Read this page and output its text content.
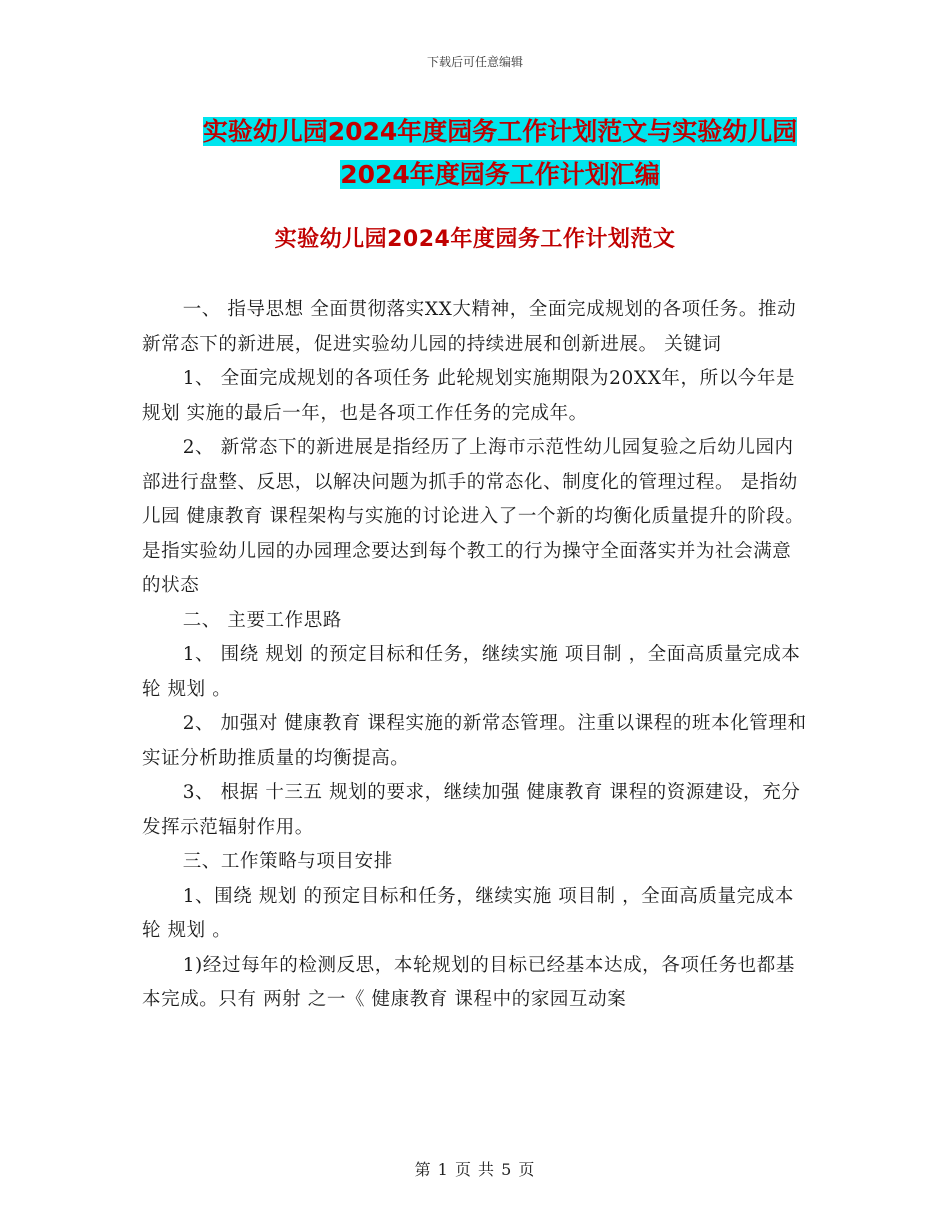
下载后可任意编辑
实验幼儿园2024年度园务工作计划范文与实验幼儿园
2024年度园务工作计划汇编
实验幼儿园2024年度园务工作计划范文

一、 指导思想 全面贯彻落实XX大精神，全面完成规划的各项任务。推动新常态下的新进展，促进实验幼儿园的持续进展和创新进展。 关键词

1、 全面完成规划的各项任务 此轮规划实施期限为20XX年，所以今年是 规划 实施的最后一年，也是各项工作任务的完成年。

2、 新常态下的新进展是指经历了上海市示范性幼儿园复验之后幼儿园内部进行盘整、反思，以解决问题为抓手的常态化、制度化的管理过程。 是指幼儿园 健康教育 课程架构与实施的讨论进入了一个新的均衡化质量提升的阶段。 是指实验幼儿园的办园理念要达到每个教工的行为操守全面落实并为社会满意的状态

二、 主要工作思路

1、 围绕 规划 的预定目标和任务，继续实施 项目制 ，全面高质量完成本轮 规划 。

2、 加强对 健康教育 课程实施的新常态管理。注重以课程的班本化管理和实证分析助推质量的均衡提高。

3、 根据 十三五 规划的要求，继续加强 健康教育 课程的资源建设，充分发挥示范辐射作用。

三、工作策略与项目安排

1、围绕 规划 的预定目标和任务，继续实施 项目制 ，全面高质量完成本轮 规划 。

1)经过每年的检测反思，本轮规划的目标已经基本达成，各项任务也都基本完成。只有 两射 之一《 健康教育 课程中的家园互动案

第 1 页 共 5 页
